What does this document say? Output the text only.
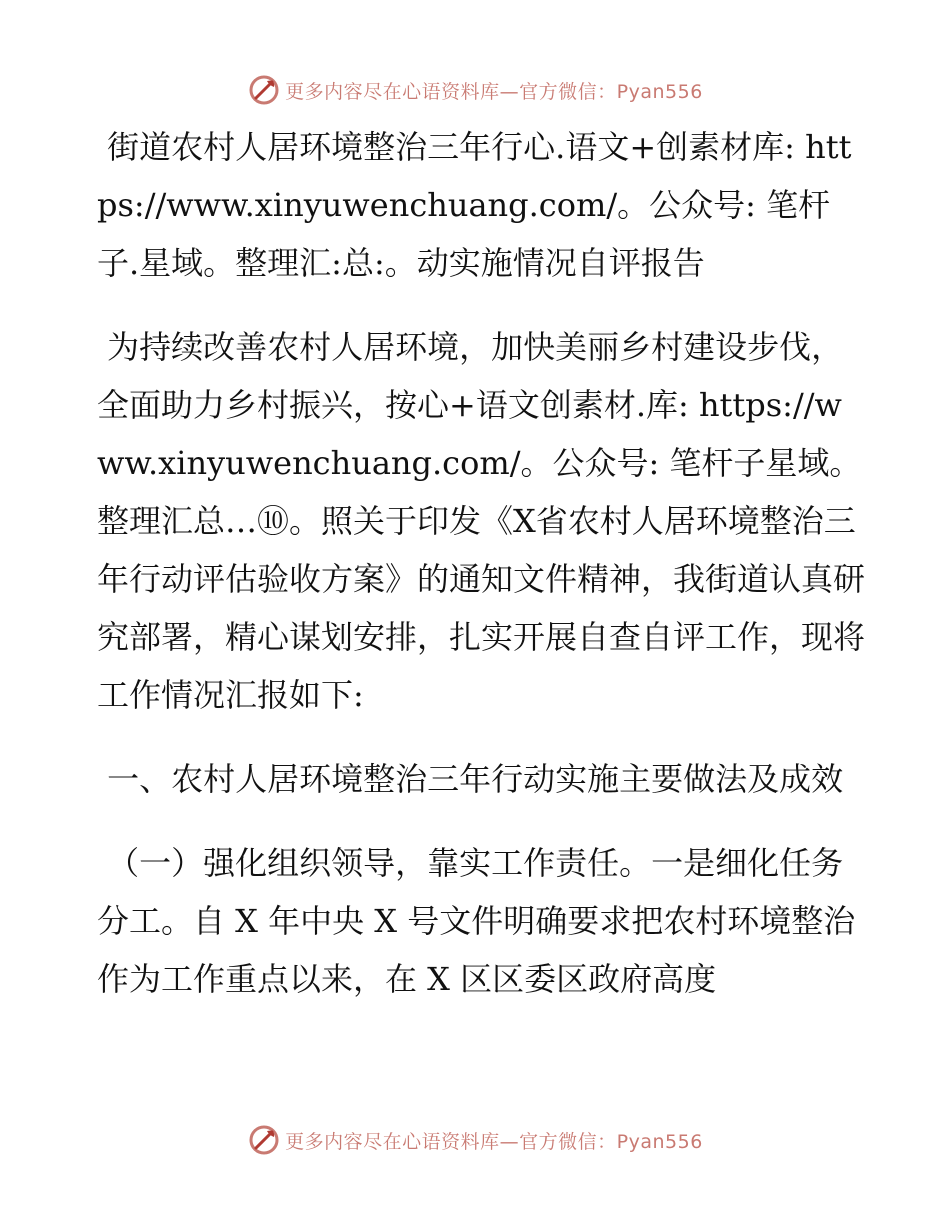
更多内容尽在心语资料库—官方微信：Pyan556

街道农村人居环境整治三年行心.语文+创素材库: https://www.xinyuwenchuang.com/。公众号: 笔杆子.星域。整理汇:总:。动实施情况自评报告

为持续改善农村人居环境，加快美丽乡村建设步伐，全面助力乡村振兴，按心+语文创素材.库: https://www.xinyuwenchuang.com/。公众号: 笔杆子星域。整理汇总…⑩。照关于印发《X省农村人居环境整治三年行动评估验收方案》的通知文件精神，我街道认真研究部署，精心谋划安排，扎实开展自查自评工作，现将工作情况汇报如下:

一、农村人居环境整治三年行动实施主要做法及成效

（一）强化组织领导，靠实工作责任。一是细化任务分工。自 X 年中央 X 号文件明确要求把农村环境整治作为工作重点以来，在 X 区区委区政府高度

更多内容尽在心语资料库—官方微信：Pyan556
